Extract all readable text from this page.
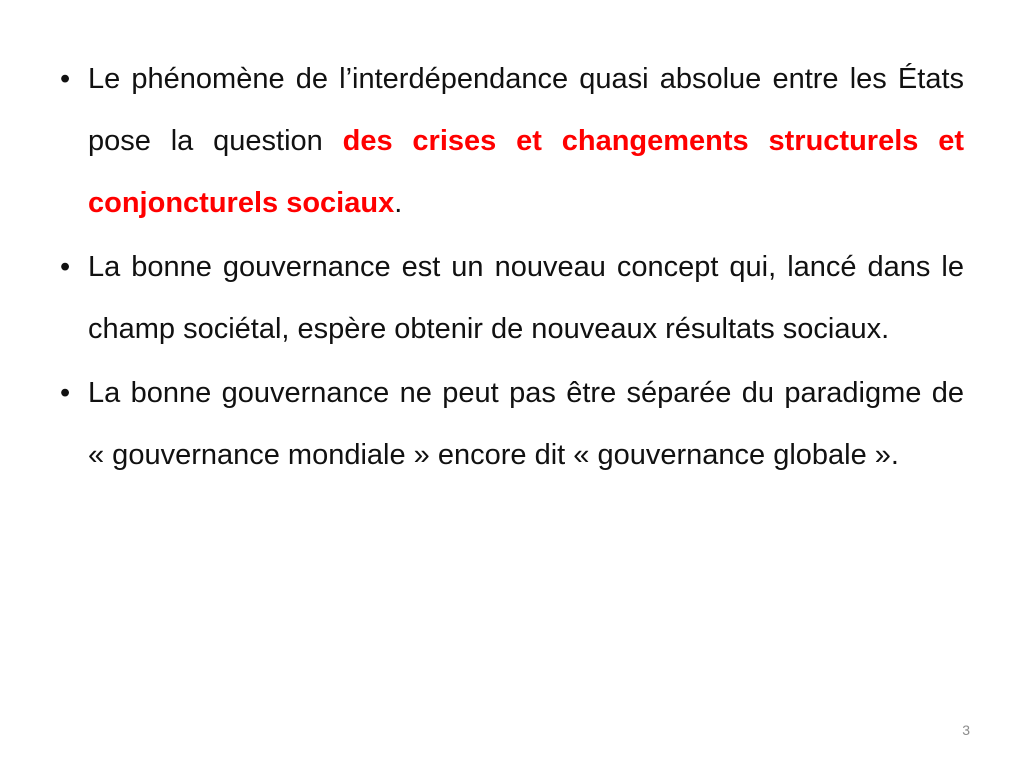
• Le phénomène de l’interdépendance quasi absolue entre les États pose la question des crises et changements structurels et conjoncturels sociaux.
• La bonne gouvernance est un nouveau concept qui, lancé dans le champ sociétal, espère obtenir de nouveaux résultats sociaux.
• La bonne gouvernance ne peut pas être séparée du paradigme de « gouvernance mondiale » encore dit « gouvernance globale ».
3
